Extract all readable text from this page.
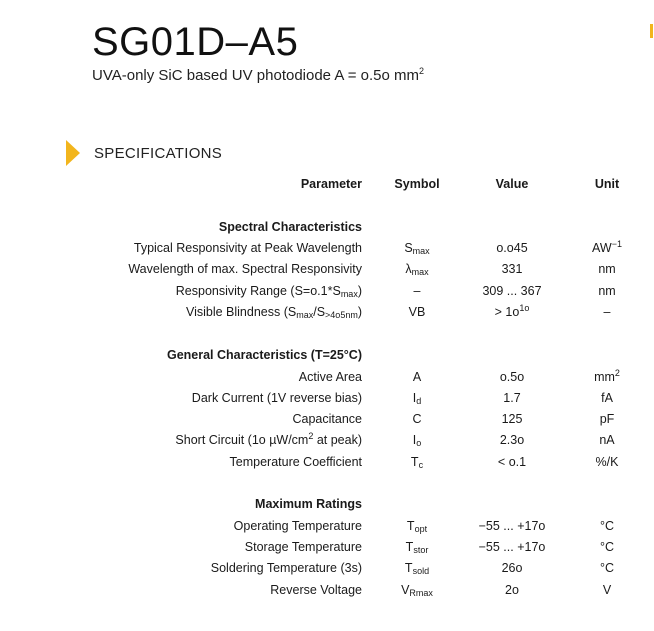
SG01D–A5
UVA-only SiC based UV photodiode A = o.5o $mm^2$
SPECIFICATIONS
Parameter	Symbol	Value	Unit
Spectral Characteristics
Typical Responsivity at Peak Wavelength	$S_{max}$	o.o45	$AW^{-1}$
Wavelength of max. Spectral Responsivity	$\lambda_{max}$	331	nm
Responsivity Range $(S=o.1*S_{max})$	–	309 ... 367	nm
Visible Blindness $(S_{max}/S_{>4o5nm})$	VB	> $1o^{1o}$	–
General Characteristics (T=25°C)
Active Area	A	o.5o	$mm^2$
Dark Current (1V reverse bias)	$I_d$	1.7	fA
Capacitance	C	125	pF
Short Circuit (1o $\mu W/cm^2$ at peak)	$I_o$	2.3o	nA
Temperature Coefficient	$T_c$	< o.1	%/K
Maximum Ratings
Operating Temperature	$T_{opt}$	−55 ... +17o	°C
Storage Temperature	$T_{stor}$	−55 ... +17o	°C
Soldering Temperature (3s)	$T_{sold}$	26o	°C
Reverse Voltage	$V_{Rmax}$	2o	V
